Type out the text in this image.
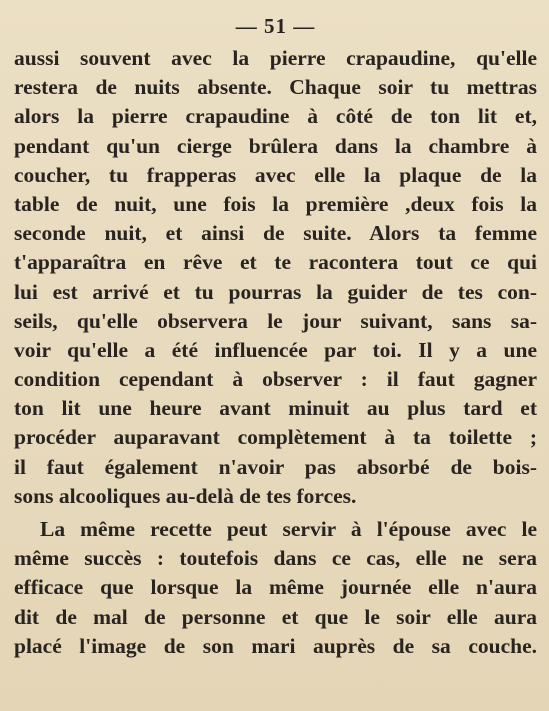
— 51 —
aussi souvent avec la pierre crapaudine, qu'elle
restera de nuits absente. Chaque soir tu mettras
alors la pierre crapaudine à côté de ton lit et,
pendant qu'un cierge brûlera dans la chambre à
coucher, tu frapperas avec elle la plaque de la
table de nuit, une fois la première ,deux fois la
seconde nuit, et ainsi de suite. Alors ta femme
t'apparaîtra en rêve et te racontera tout ce qui
lui est arrivé et tu pourras la guider de tes con-
seils, qu'elle observera le jour suivant, sans sa-
voir qu'elle a été influencée par toi. Il y a une
condition cependant à observer : il faut gagner
ton lit une heure avant minuit au plus tard et
procéder auparavant complètement à ta toilette ;
il faut également n'avoir pas absorbé de bois-
sons alcooliques au-delà de tes forces.
La même recette peut servir à l'épouse avec le
même succès : toutefois dans ce cas, elle ne sera
efficace que lorsque la même journée elle n'aura
dit de mal de personne et que le soir elle aura
placé l'image de son mari auprès de sa couche.
